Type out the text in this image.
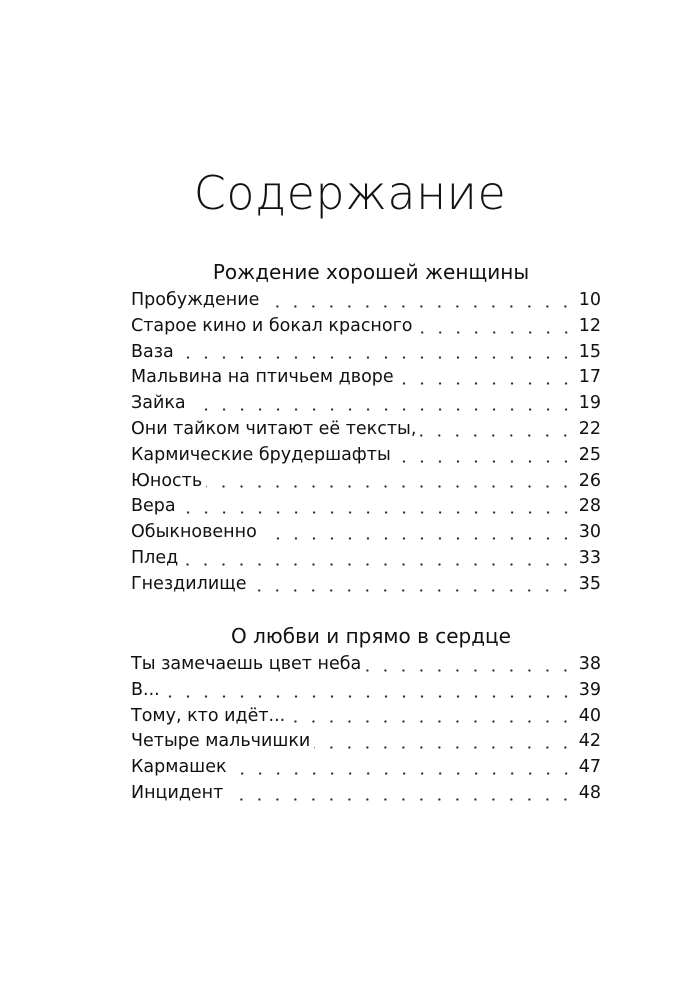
Содержание
Рождение хорошей женщины
Пробуждение	10
Старое кино и бокал красного	12
Ваза	15
Мальвина на птичьем дворе	17
Зайка	19
Они тайком читают её тексты,	22
Кармические брудершафты	25
Юность	26
Вера	28
Обыкновенно	30
Плед	33
Гнездилище	35
О любви и прямо в сердце
Ты замечаешь цвет неба	38
В...	39
Тому, кто идёт...	40
Четыре мальчишки	42
Кармашек	47
Инцидент	48
